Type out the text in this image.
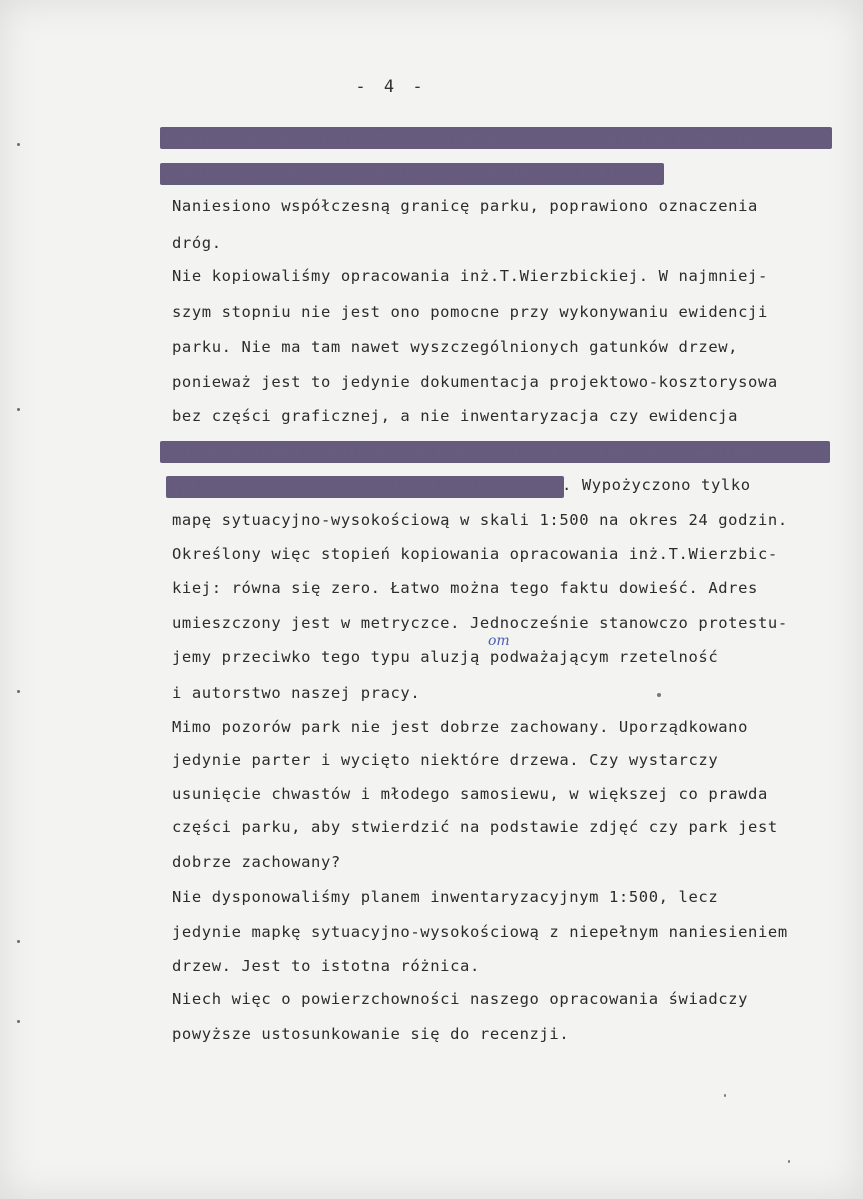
- 4 -
dopuszczone w opisach tych obiektów zamieszczonych w katalogu
Zabytków Sztuki lub w Rejestrze Zabytków Sztuki
Naniesiono współczesną granicę parku, poprawiono oznaczenia
dróg.
Nie kopiowaliśmy opracowania inż.T.Wierzbickiej. W najmniej-
szym stopniu nie jest ono pomocne przy wykonywaniu ewidencji
parku. Nie ma tam nawet wyszczególnionych gatunków drzew,
ponieważ jest to jedynie dokumentacja projektowo-kosztorysowa
bez części graficznej, a nie inwentaryzacja czy ewidencja
Z jednym jeden z autorów zajrzał do teczki z tym opracowaniem
był go w rękach przez niecałą minutę	. Wypożyczono tylko
mapę sytuacyjno-wysokościową w skali 1:500 na okres 24 godzin.
Określony więc stopień kopiowania opracowania inż.T.Wierzbic-
kiej: równa się zero. Łatwo można tego faktu dowieść. Adres
umieszczony jest w metryczce. Jednocześnie stanowczo protestu-
jemy przeciwko tego typu aluzją podważającym rzetelność
om
i autorstwo naszej pracy.
Mimo pozorów park nie jest dobrze zachowany. Uporządkowano
jedynie parter i wycięto niektóre drzewa. Czy wystarczy
usunięcie chwastów i młodego samosiewu, w większej co prawda
części parku, aby stwierdzić na podstawie zdjęć czy park jest
dobrze zachowany?
Nie dysponowaliśmy planem inwentaryzacyjnym 1:500, lecz
jedynie mapkę sytuacyjno-wysokościową z niepełnym naniesieniem
drzew. Jest to istotna różnica.
Niech więc o powierzchowności naszego opracowania świadczy
powyższe ustosunkowanie się do recenzji.
